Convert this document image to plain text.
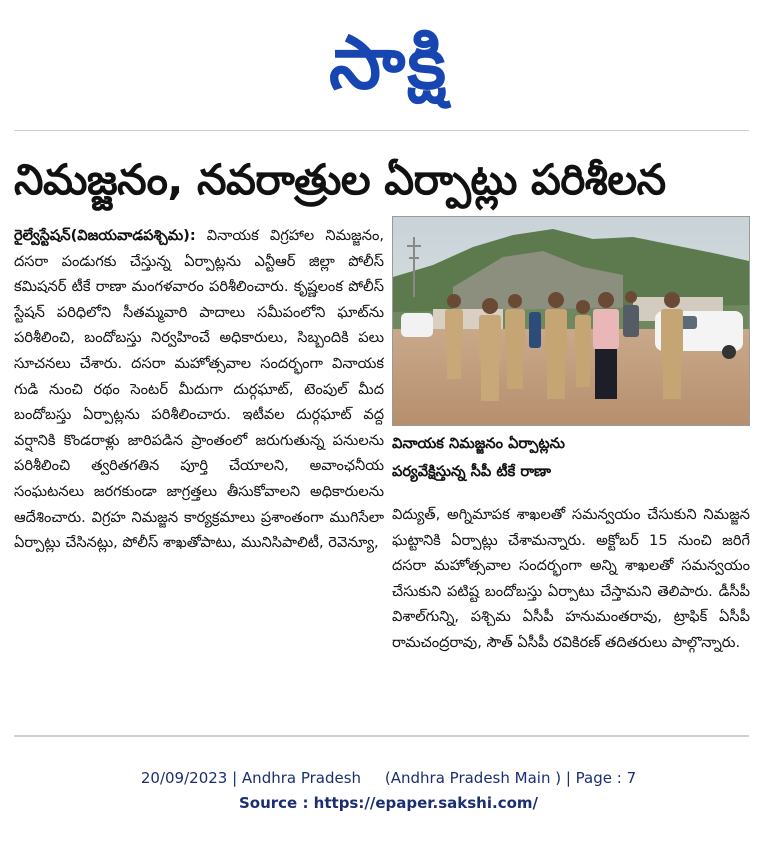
సాక్షి
నిమజ్జనం, నవరాత్రుల ఏర్పాట్లు పరిశీలన
రైల్వేస్టేషన్‌(విజయవాడపశ్చిమ): వినాయక విగ్రహాల నిమజ్జనం, దసరా పండుగకు చేస్తున్న ఏర్పాట్లను ఎన్టీఆర్‌ జిల్లా పోలీస్‌ కమిషనర్‌ టీకే రాణా మంగళవారం పరిశీలించారు. కృష్ణలంక పోలీస్‌ స్టేషన్‌ పరిధిలోని సీతమ్మవారి పాదాలు సమీపంలోని ఘాట్‌ను పరిశీలించి, బందోబస్తు నిర్వహించే అధికారులు, సిబ్బందికి పలు సూచనలు చేశారు. దసరా మహోత్సవాల సందర్భంగా వినాయక గుడి నుంచి రథం సెంటర్‌ మీదుగా దుర్గఘాట్‌, టెంపుల్‌ మీద బందోబస్తు ఏర్పాట్లను పరిశీలించారు. ఇటీవల దుర్గఘాట్‌ వద్ద వర్షానికి కొండరాళ్లు జారిపడిన ప్రాంతంలో జరుగుతున్న పనులను పరిశీలించి త్వరితగతిన పూర్తి చేయాలని, అవాంఛనీయ సంఘటనలు జరగకుండా జాగ్రత్తలు తీసుకోవాలని అధికారులను ఆదేశించారు. విగ్రహ నిమజ్జన కార్యక్రమాలు ప్రశాంతంగా ముగిసేలా ఏర్పాట్లు చేసినట్లు, పోలీస్‌ శాఖతోపాటు, మునిసిపాలిటీ, రెవెన్యూ,
వినాయక నిమజ్జనం ఏర్పాట్లను
పర్యవేక్షిస్తున్న సీపీ టీకే రాణా
విద్యుత్‌, అగ్నిమాపక శాఖలతో సమన్వయం చేసుకుని నిమజ్జన ఘట్టానికి ఏర్పాట్లు చేశామన్నారు. అక్టోబర్‌ 15 నుంచి జరిగే దసరా మహోత్సవాల సందర్భంగా అన్ని శాఖలతో సమన్వయం చేసుకుని పటిష్ట బందోబస్తు ఏర్పాటు చేస్తామని తెలిపారు. డీసీపీ విశాల్‌గున్ని, పశ్చిమ ఏసీపీ హనుమంతరావు, ట్రాఫిక్‌ ఏసీపీ రామచంద్రరావు, సౌత్‌ ఏసీపీ రవికిరణ్‌ తదితరులు పాల్గొన్నారు.
20/09/2023 | Andhra Pradesh     (Andhra Pradesh Main ) | Page : 7
Source : https://epaper.sakshi.com/
